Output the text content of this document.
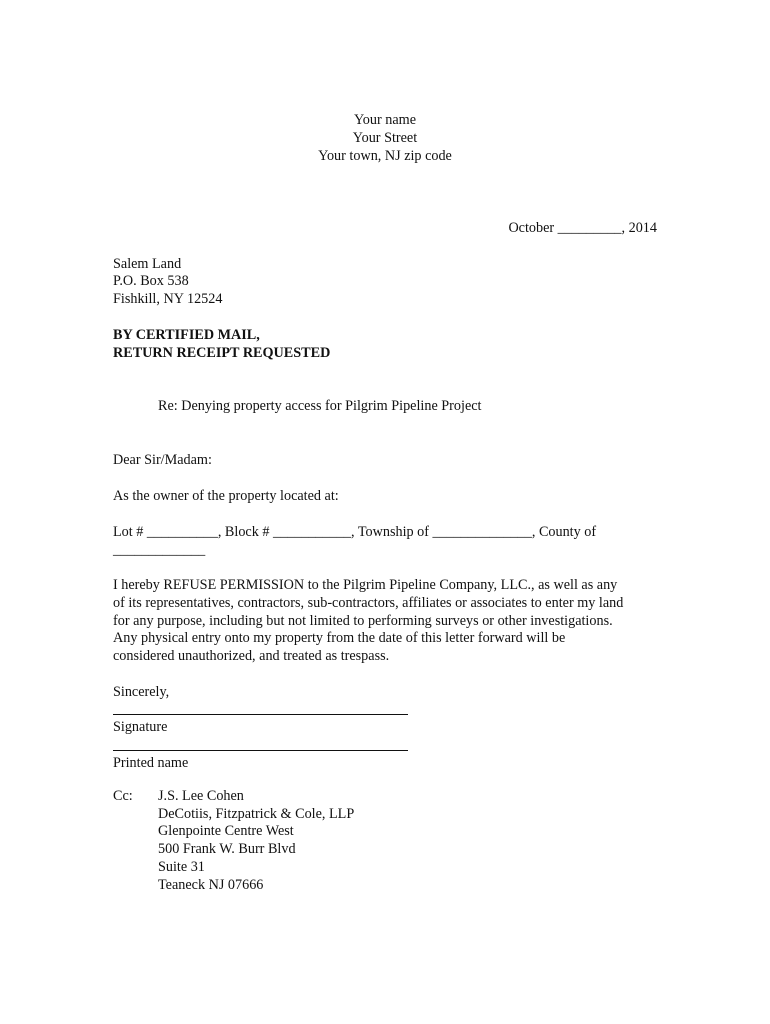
Your name
Your Street
Your town, NJ zip code
October _________, 2014
Salem Land
P.O. Box 538
Fishkill, NY 12524
BY CERTIFIED MAIL,
RETURN RECEIPT REQUESTED
Re: Denying property access for Pilgrim Pipeline Project
Dear Sir/Madam:
As the owner of the property located at:
Lot # __________, Block # ___________, Township of ______________, County of
_____________
I hereby REFUSE PERMISSION to the Pilgrim Pipeline Company, LLC., as well as any
of its representatives, contractors, sub-contractors, affiliates or associates to enter my land
for any purpose, including but not limited to performing surveys or other investigations.
Any physical entry onto my property from the date of this letter forward will be
considered unauthorized, and treated as trespass.
Sincerely,
Signature
Printed name
Cc: J.S. Lee Cohen
DeCotiis, Fitzpatrick & Cole, LLP
Glenpointe Centre West
500 Frank W. Burr Blvd
Suite 31
Teaneck NJ 07666
